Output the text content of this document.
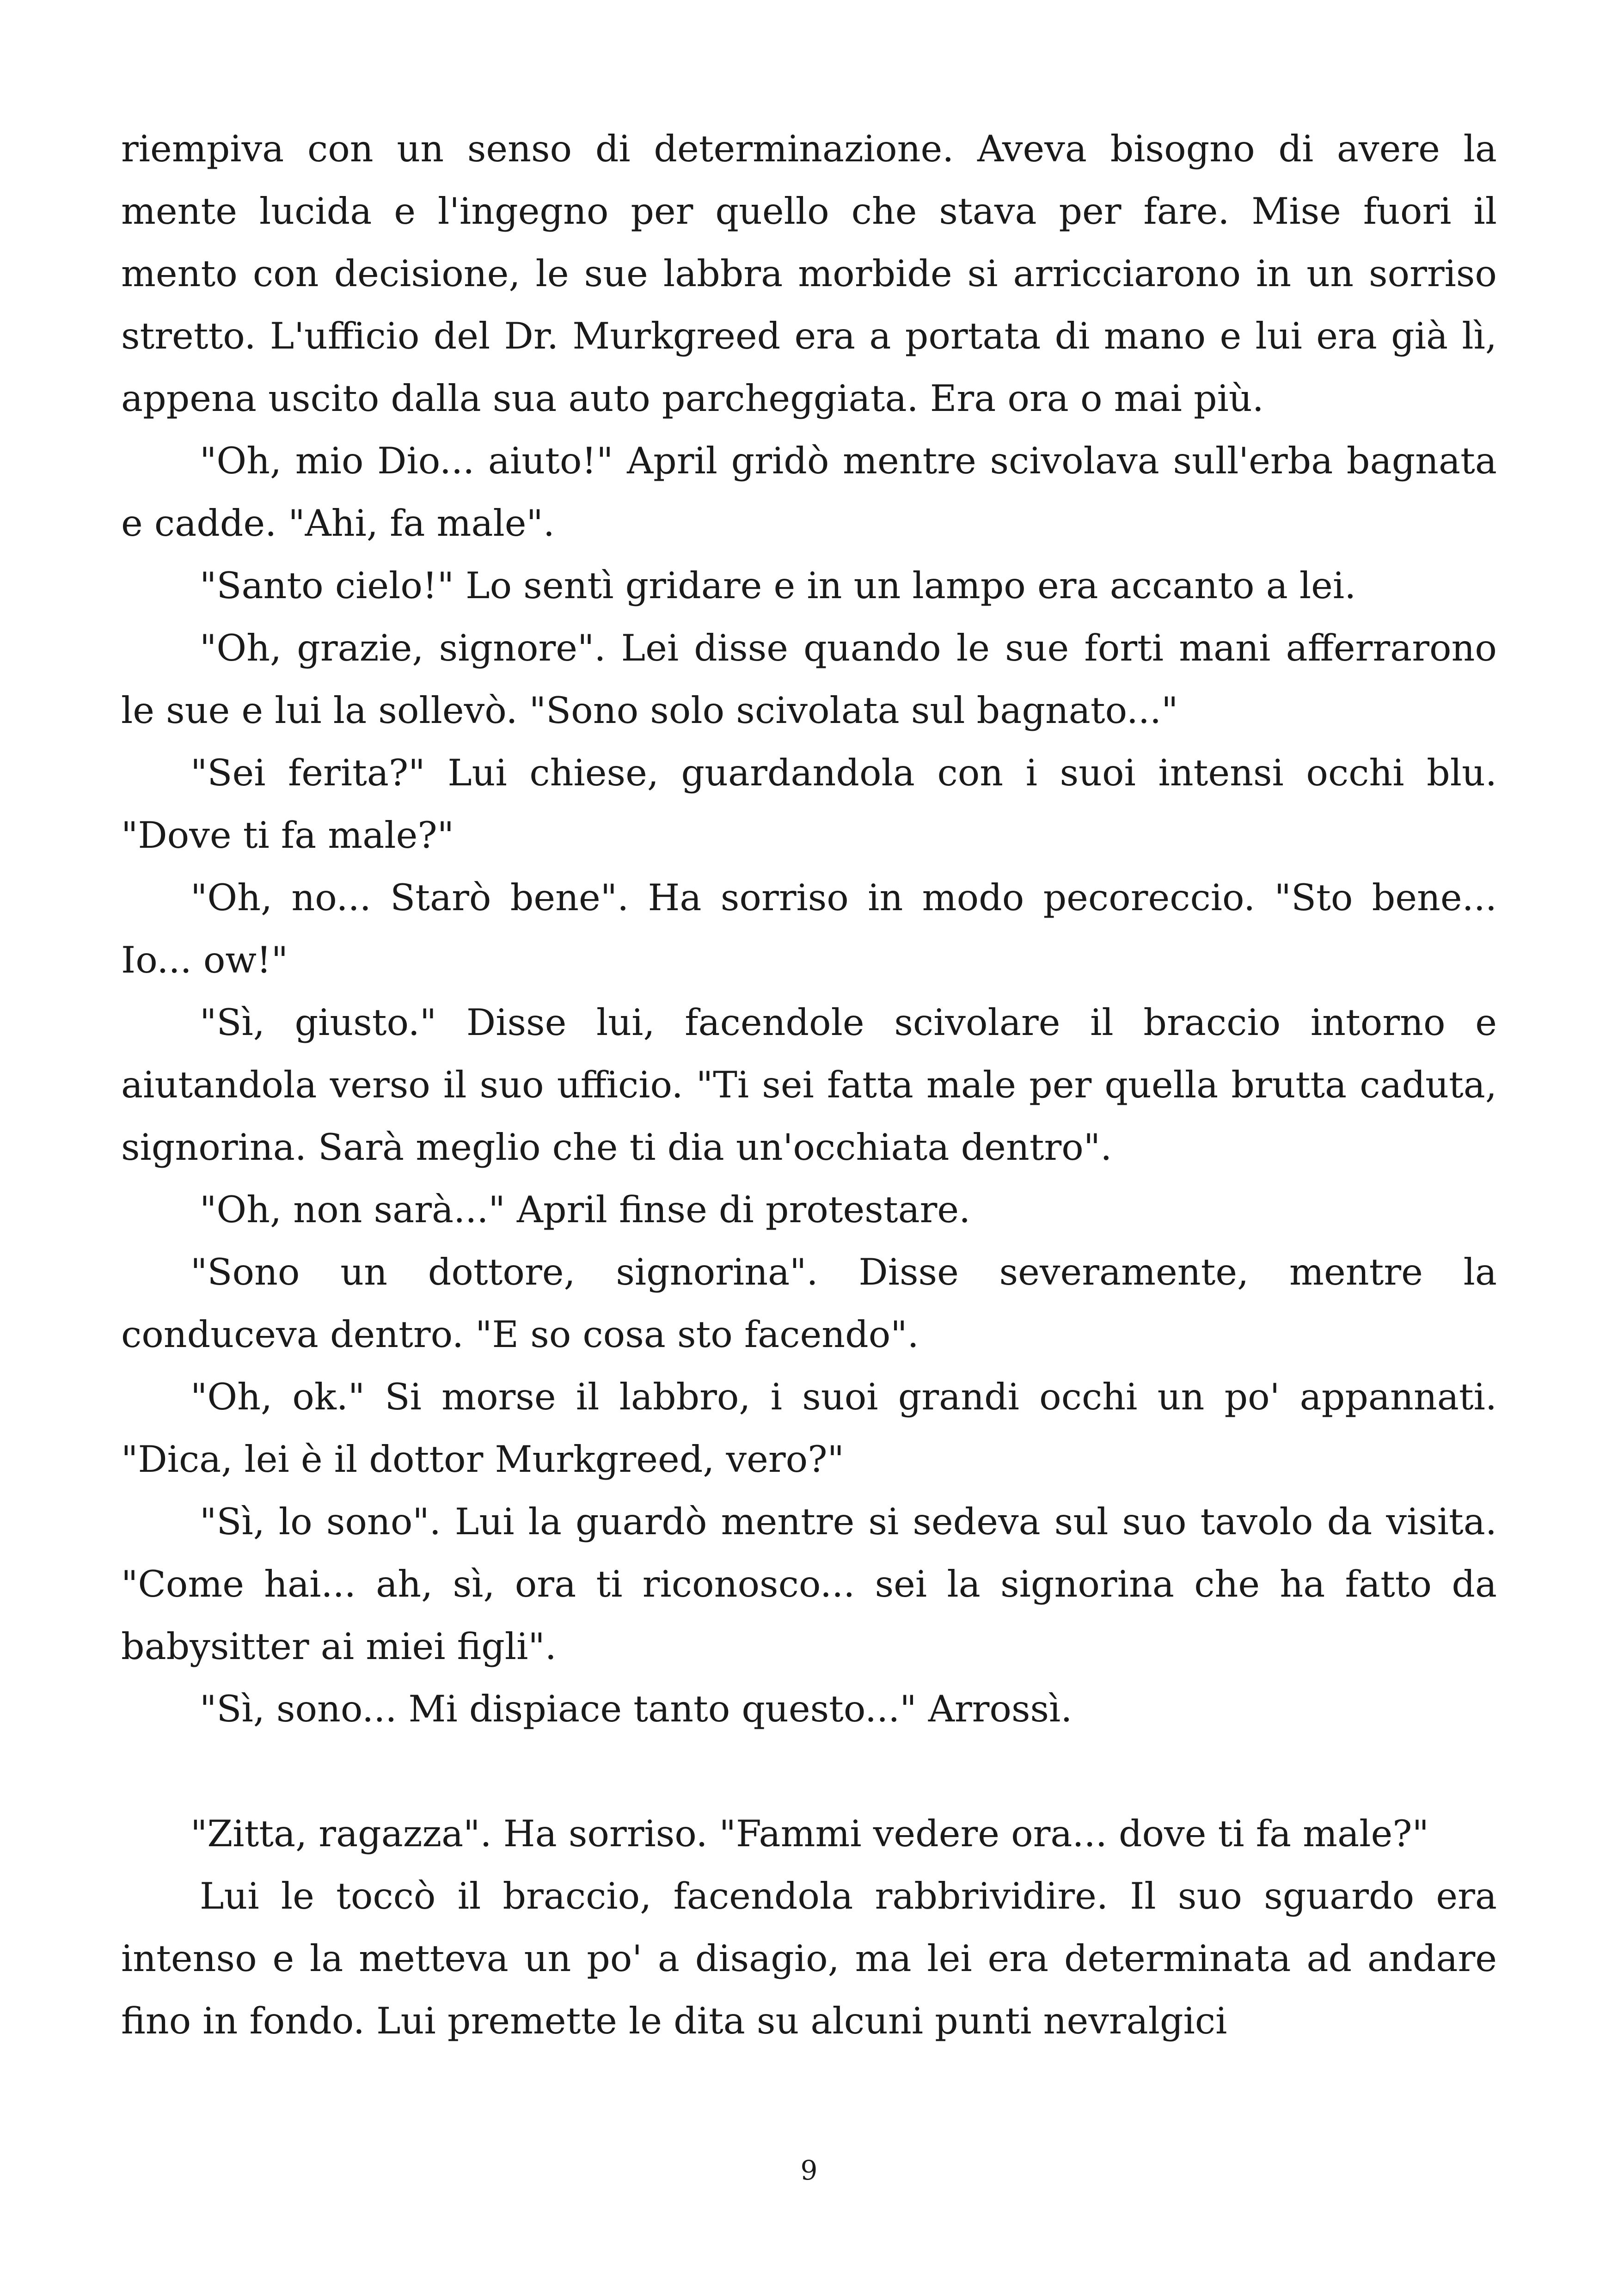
riempiva con un senso di determinazione. Aveva bisogno di avere la mente lucida e l'ingegno per quello che stava per fare. Mise fuori il mento con decisione, le sue labbra morbide si arricciarono in un sorriso stretto. L'ufficio del Dr. Murkgreed era a portata di mano e lui era già lì, appena uscito dalla sua auto parcheggiata. Era ora o mai più.

"Oh, mio Dio... aiuto!" April gridò mentre scivolava sull'erba bagnata e cadde. "Ahi, fa male".

"Santo cielo!" Lo sentì gridare e in un lampo era accanto a lei.

"Oh, grazie, signore". Lei disse quando le sue forti mani afferrarono le sue e lui la sollevò. "Sono solo scivolata sul bagnato..."

"Sei ferita?" Lui chiese, guardandola con i suoi intensi occhi blu. "Dove ti fa male?"

"Oh, no... Starò bene". Ha sorriso in modo pecoreccio. "Sto bene... Io... ow!"

"Sì, giusto." Disse lui, facendole scivolare il braccio intorno e aiutandola verso il suo ufficio. "Ti sei fatta male per quella brutta caduta, signorina. Sarà meglio che ti dia un'occhiata dentro".

"Oh, non sarà..." April finse di protestare.

"Sono un dottore, signorina". Disse severamente, mentre la conduceva dentro. "E so cosa sto facendo".

"Oh, ok." Si morse il labbro, i suoi grandi occhi un po' appannati. "Dica, lei è il dottor Murkgreed, vero?"

"Sì, lo sono". Lui la guardò mentre si sedeva sul suo tavolo da visita. "Come hai... ah, sì, ora ti riconosco... sei la signorina che ha fatto da babysitter ai miei figli".

"Sì, sono... Mi dispiace tanto questo..." Arrossì.

"Zitta, ragazza". Ha sorriso. "Fammi vedere ora... dove ti fa male?"

Lui le toccò il braccio, facendola rabbrividire. Il suo sguardo era intenso e la metteva un po' a disagio, ma lei era determinata ad andare fino in fondo. Lui premette le dita su alcuni punti nevralgici

9
